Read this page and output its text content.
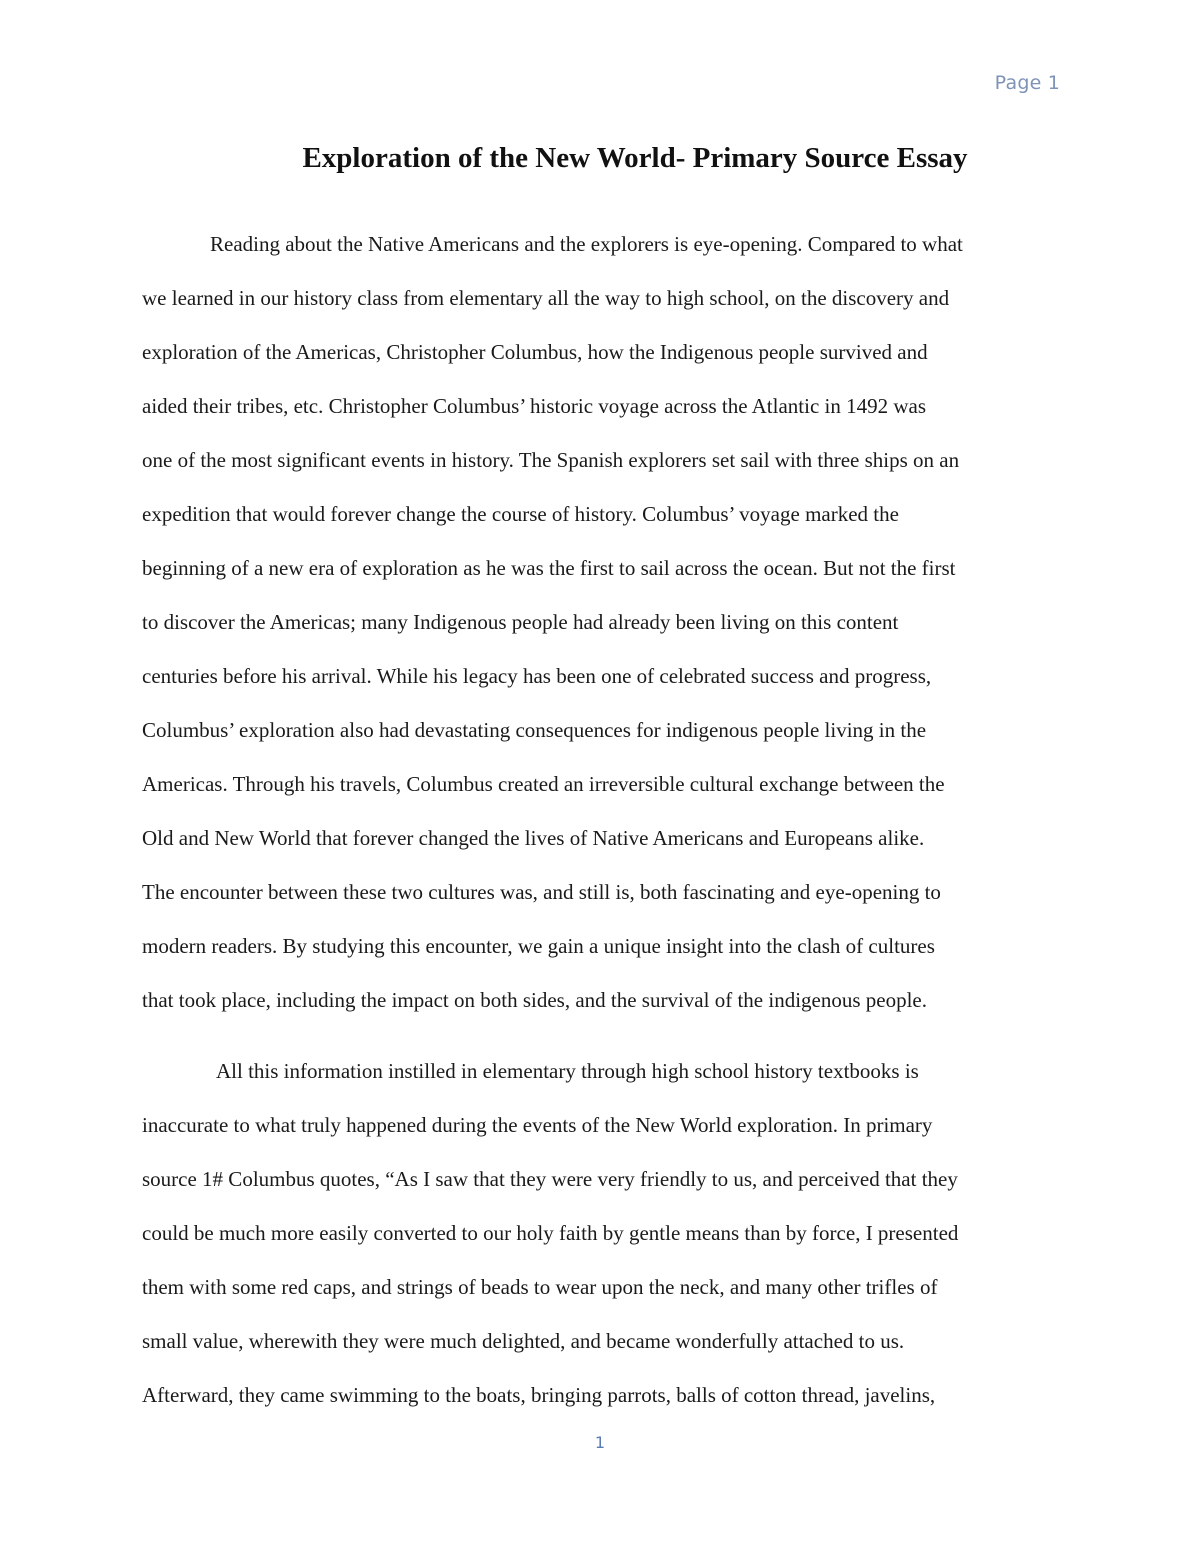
Page 1
Exploration of the New World- Primary Source Essay
Reading about the Native Americans and the explorers is eye-opening. Compared to what
we learned in our history class from elementary all the way to high school, on the discovery and
exploration of the Americas, Christopher Columbus, how the Indigenous people survived and
aided their tribes, etc. Christopher Columbus’ historic voyage across the Atlantic in 1492 was
one of the most significant events in history. The Spanish explorers set sail with three ships on an
expedition that would forever change the course of history. Columbus’ voyage marked the
beginning of a new era of exploration as he was the first to sail across the ocean. But not the first
to discover the Americas; many Indigenous people had already been living on this content
centuries before his arrival. While his legacy has been one of celebrated success and progress,
Columbus’ exploration also had devastating consequences for indigenous people living in the
Americas. Through his travels, Columbus created an irreversible cultural exchange between the
Old and New World that forever changed the lives of Native Americans and Europeans alike.
The encounter between these two cultures was, and still is, both fascinating and eye-opening to
modern readers. By studying this encounter, we gain a unique insight into the clash of cultures
that took place, including the impact on both sides, and the survival of the indigenous people.
All this information instilled in elementary through high school history textbooks is
inaccurate to what truly happened during the events of the New World exploration. In primary
source 1# Columbus quotes, “As I saw that they were very friendly to us, and perceived that they
could be much more easily converted to our holy faith by gentle means than by force, I presented
them with some red caps, and strings of beads to wear upon the neck, and many other trifles of
small value, wherewith they were much delighted, and became wonderfully attached to us.
Afterward, they came swimming to the boats, bringing parrots, balls of cotton thread, javelins,
1
